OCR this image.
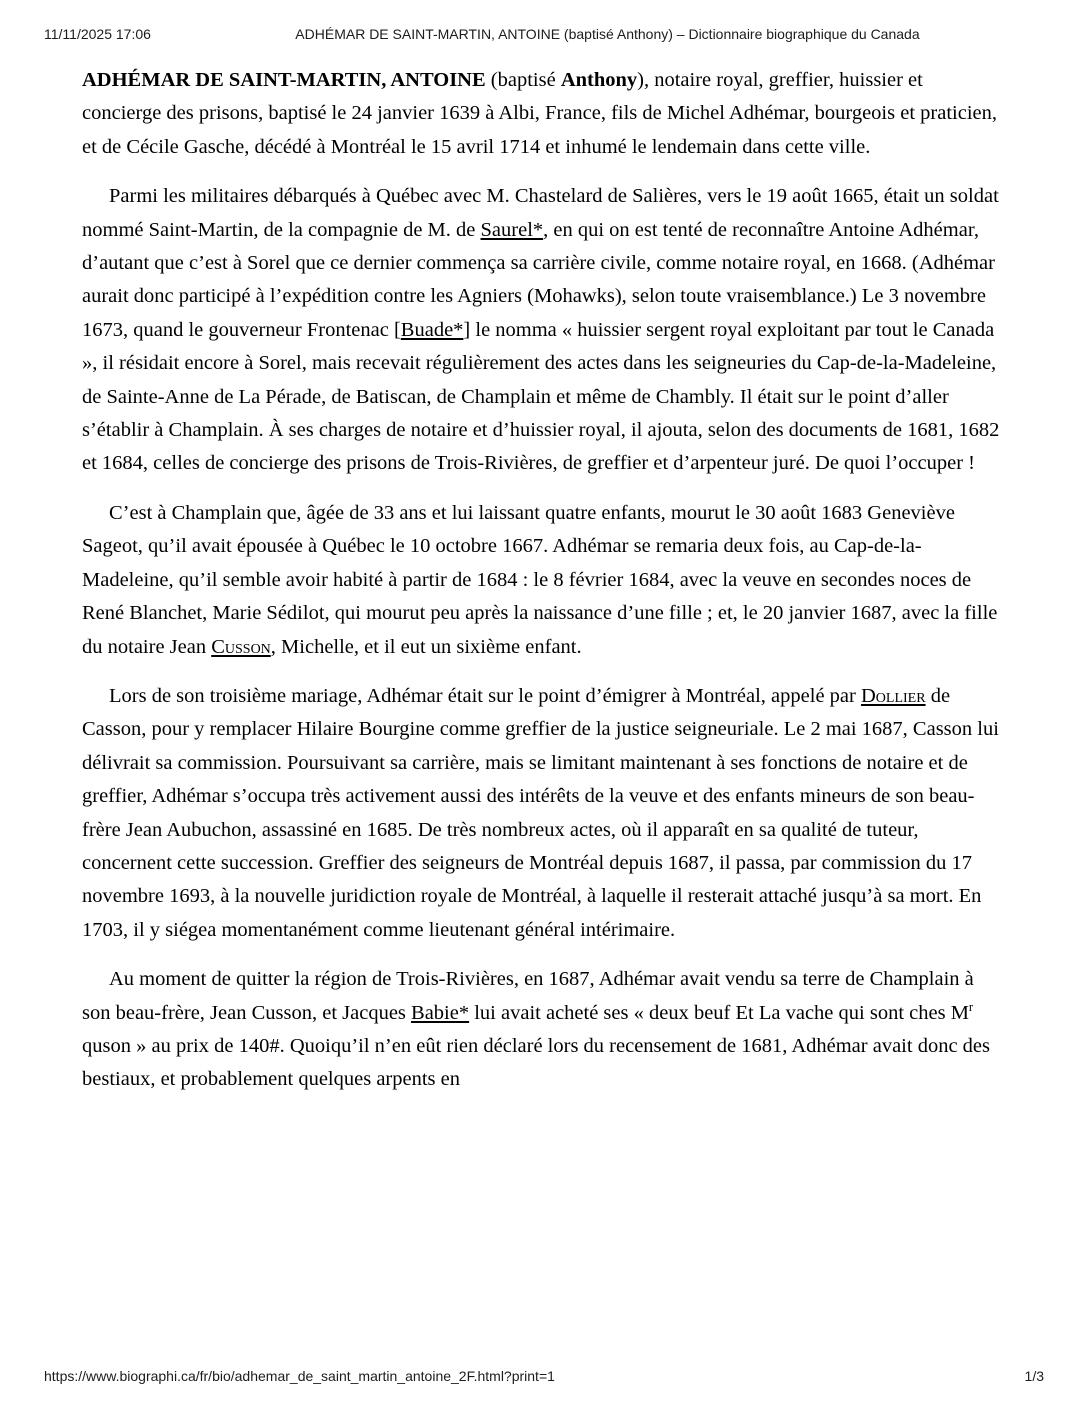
11/11/2025 17:06	ADHÉMAR DE SAINT-MARTIN, ANTOINE (baptisé Anthony) – Dictionnaire biographique du Canada

ADHÉMAR DE SAINT-MARTIN, ANTOINE (baptisé Anthony), notaire royal, greffier, huissier et concierge des prisons, baptisé le 24 janvier 1639 à Albi, France, fils de Michel Adhémar, bourgeois et praticien, et de Cécile Gasche, décédé à Montréal le 15 avril 1714 et inhumé le lendemain dans cette ville.

Parmi les militaires débarqués à Québec avec M. Chastelard de Salières, vers le 19 août 1665, était un soldat nommé Saint-Martin, de la compagnie de M. de Saurel*, en qui on est tenté de reconnaître Antoine Adhémar, d’autant que c’est à Sorel que ce dernier commença sa carrière civile, comme notaire royal, en 1668. (Adhémar aurait donc participé à l’expédition contre les Agniers (Mohawks), selon toute vraisemblance.) Le 3 novembre 1673, quand le gouverneur Frontenac [Buade*] le nomma « huissier sergent royal exploitant par tout le Canada », il résidait encore à Sorel, mais recevait régulièrement des actes dans les seigneuries du Cap-de-la-Madeleine, de Sainte-Anne de La Pérade, de Batiscan, de Champlain et même de Chambly. Il était sur le point d’aller s’établir à Champlain. À ses charges de notaire et d’huissier royal, il ajouta, selon des documents de 1681, 1682 et 1684, celles de concierge des prisons de Trois-Rivières, de greffier et d’arpenteur juré. De quoi l’occuper !

C’est à Champlain que, âgée de 33 ans et lui laissant quatre enfants, mourut le 30 août 1683 Geneviève Sageot, qu’il avait épousée à Québec le 10 octobre 1667. Adhémar se remaria deux fois, au Cap-de-la-Madeleine, qu’il semble avoir habité à partir de 1684 : le 8 février 1684, avec la veuve en secondes noces de René Blanchet, Marie Sédilot, qui mourut peu après la naissance d’une fille ; et, le 20 janvier 1687, avec la fille du notaire Jean Cusson, Michelle, et il eut un sixième enfant.

Lors de son troisième mariage, Adhémar était sur le point d’émigrer à Montréal, appelé par Dollier de Casson, pour y remplacer Hilaire Bourgine comme greffier de la justice seigneuriale. Le 2 mai 1687, Casson lui délivrait sa commission. Poursuivant sa carrière, mais se limitant maintenant à ses fonctions de notaire et de greffier, Adhémar s’occupa très activement aussi des intérêts de la veuve et des enfants mineurs de son beau-frère Jean Aubuchon, assassiné en 1685. De très nombreux actes, où il apparaît en sa qualité de tuteur, concernent cette succession. Greffier des seigneurs de Montréal depuis 1687, il passa, par commission du 17 novembre 1693, à la nouvelle juridiction royale de Montréal, à laquelle il resterait attaché jusqu’à sa mort. En 1703, il y siégea momentanément comme lieutenant général intérimaire.

Au moment de quitter la région de Trois-Rivières, en 1687, Adhémar avait vendu sa terre de Champlain à son beau-frère, Jean Cusson, et Jacques Babie* lui avait acheté ses « deux beuf Et La vache qui sont ches $M^r$ quson » au prix de 140#. Quoiqu’il n’en eût rien déclaré lors du recensement de 1681, Adhémar avait donc des bestiaux, et probablement quelques arpents en

https://www.biographi.ca/fr/bio/adhemar_de_saint_martin_antoine_2F.html?print=1	1/3
